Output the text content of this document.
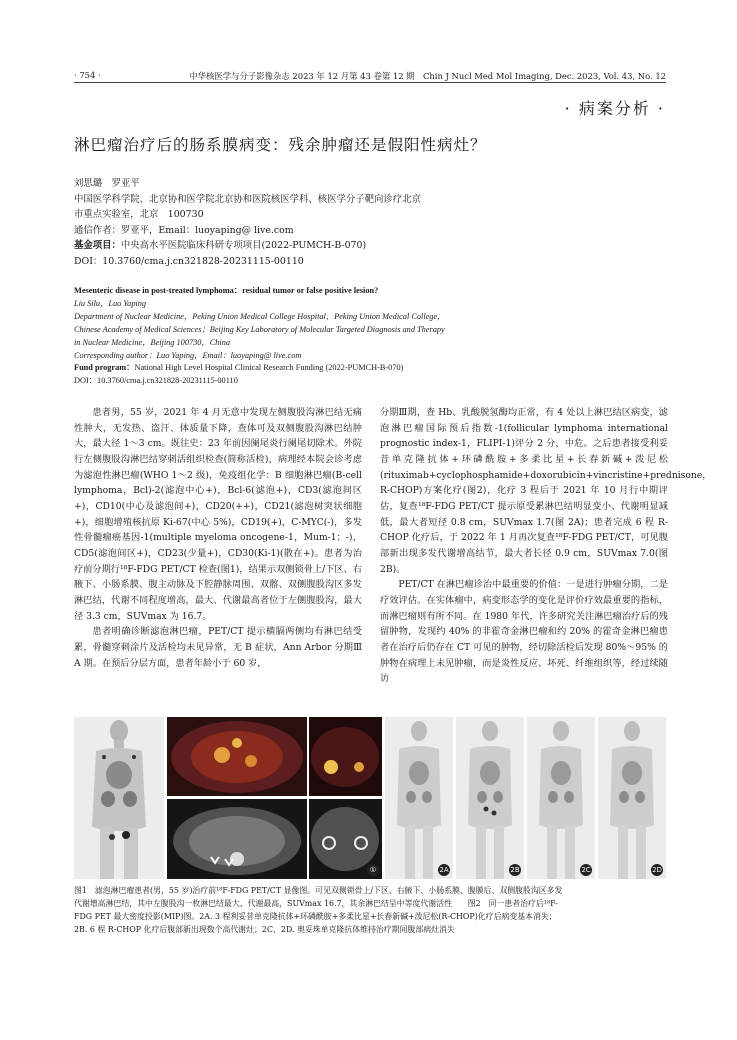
· 754 ·	中华核医学与分子影像杂志 2023 年 12 月第 43 卷第 12 期　Chin J Nucl Med Mol Imaging, Dec. 2023, Vol. 43, No. 12
· 病案分析 ·
淋巴瘤治疗后的肠系膜病变：残余肿瘤还是假阳性病灶？
刘思璐　罗亚平
中国医学科学院、北京协和医学院北京协和医院核医学科、核医学分子靶向诊疗北京
市重点实验室，北京　100730
通信作者：罗亚平，Email：luoyaping@ live.com
基金项目：中央高水平医院临床科研专项项目(2022-PUMCH-B-070)
DOI：10.3760/cma.j.cn321828-20231115-00110
Mesenteric disease in post-treated lymphoma：residual tumor or false positive lesion?
Liu Silu，Luo Yaping
Department of Nuclear Medicine，Peking Union Medical College Hospital，Peking Union Medical College，
Chinese Academy of Medical Sciences；Beijing Key Laboratory of Molecular Targeted Diagnosis and Therapy
in Nuclear Medicine，Beijing 100730，China
Corresponding author：Luo Yaping，Email：luoyaping@ live.com
Fund program：National High Level Hospital Clinical Research Funding (2022-PUMCH-B-070)
DOI：10.3760/cma.j.cn321828-20231115-00110

患者男，55 岁，2021 年 4 月无意中发现左侧腹股沟淋巴结无痛性肿大，无发热、盗汗、体质量下降，查体可及双侧腹股沟淋巴结肿大，最大径 1～3 cm。既往史：23 年前因阑尾炎行阑尾切除术。外院行左侧腹股沟淋巴结穿刺活组织检查(简称活检)，病理经本院会诊考虑为滤泡性淋巴瘤(WHO 1～2 级)，免疫组化学：B 细胞淋巴瘤(B-cell lymphoma，Bcl)-2(滤泡中心+)，Bcl-6(滤泡+)，CD3(滤泡间区+)，CD10(中心及滤泡间+)，CD20(++)，CD21(滤泡树突状细胞+)，细胞增殖核抗原 Ki-67(中心 5%)，CD19(+)，C-MYC(-)，多发性骨髓瘤癌基因-1(multiple myeloma oncogene-1，Mum-1；-)，CD5(滤泡间区+)，CD23(少量+)，CD30(Ki-1)(散在+)。患者为治疗前分期行¹⁸F-FDG PET/CT 检查(图1)，结果示双侧锁骨上/下区、右腋下、小肠系膜、腹主动脉及下腔静脉周围、双髂、双侧腹股沟区多发淋巴结，代谢不同程度增高，最大、代谢最高者位于左侧腹股沟，最大径 3.3 cm，SUVmax 为 16.7。

患者明确诊断滤泡淋巴瘤，PET/CT 提示横膈两侧均有淋巴结受累，骨髓穿刺涂片及活检均未见异常，无 B 症状，Ann Arbor 分期Ⅲ A 期。在预后分层方面，患者年龄小于 60 岁，

分期Ⅲ期，查 Hb、乳酸脱氢酶均正常，有 4 处以上淋巴结区病变，滤泡淋巴瘤国际预后指数-1(follicular lymphoma international prognostic index-1，FLIPI-1)评分 2 分，中危。之后患者接受利妥昔单克隆抗体+环磷酰胺+多柔比星+长春新碱+泼尼松(rituximab+cyclophosphamide+doxorubicin+vincristine+prednisone，R-CHOP)方案化疗(图2)，化疗 3 程后于 2021 年 10 月行中期评估，复查¹⁸F-FDG PET/CT 提示原受累淋巴结明显变小、代谢明显减低，最大者短径 0.8 cm，SUVmax 1.7(图 2A)；患者完成 6 程 R-CHOP 化疗后，于 2022 年 1 月再次复查¹⁸F-FDG PET/CT，可见腹部新出现多发代谢增高结节，最大者长径 0.9 cm，SUVmax 7.0(图 2B)。

PET/CT 在淋巴瘤诊治中最重要的价值：一是进行肿瘤分期，二是疗效评估。在实体瘤中，病变形态学的变化是评价疗效最重要的指标，而淋巴瘤则有所不同。在 1980 年代，许多研究关注淋巴瘤治疗后的残留肿物，发现约 40% 的非霍奇金淋巴瘤和约 20% 的霍奇金淋巴瘤患者在治疗后仍存在 CT 可见的肿物，经切除活检后发现 80%～95% 的肿物在病理上未见肿瘤，而是炎性反应、坏死、纤维组织等，经过续随访

①	2A	2B	2C	2D
图1　滤泡淋巴瘤患者(男，55 岁)治疗前¹⁸F-FDG PET/CT 显像图。可见双侧锁骨上/下区、右腋下、小肠系膜、腹膜后、双侧腹股沟区多发
代谢增高淋巴结，其中左腹股沟一枚淋巴结最大、代谢最高，SUVmax 16.7，其余淋巴结呈中等度代谢活性　　图2　同一患者治疗后¹⁸F-
FDG PET 最大密度投影(MIP)图。2A. 3 程利妥昔单克隆抗体+环磷酰胺+多柔比星+长春新碱+泼尼松(R-CHOP)化疗后病变基本消失；
2B. 6 程 R-CHOP 化疗后腹部新出现数个高代谢灶；2C、2D. 奥妥珠单克隆抗体维持治疗期间腹部病灶消失
